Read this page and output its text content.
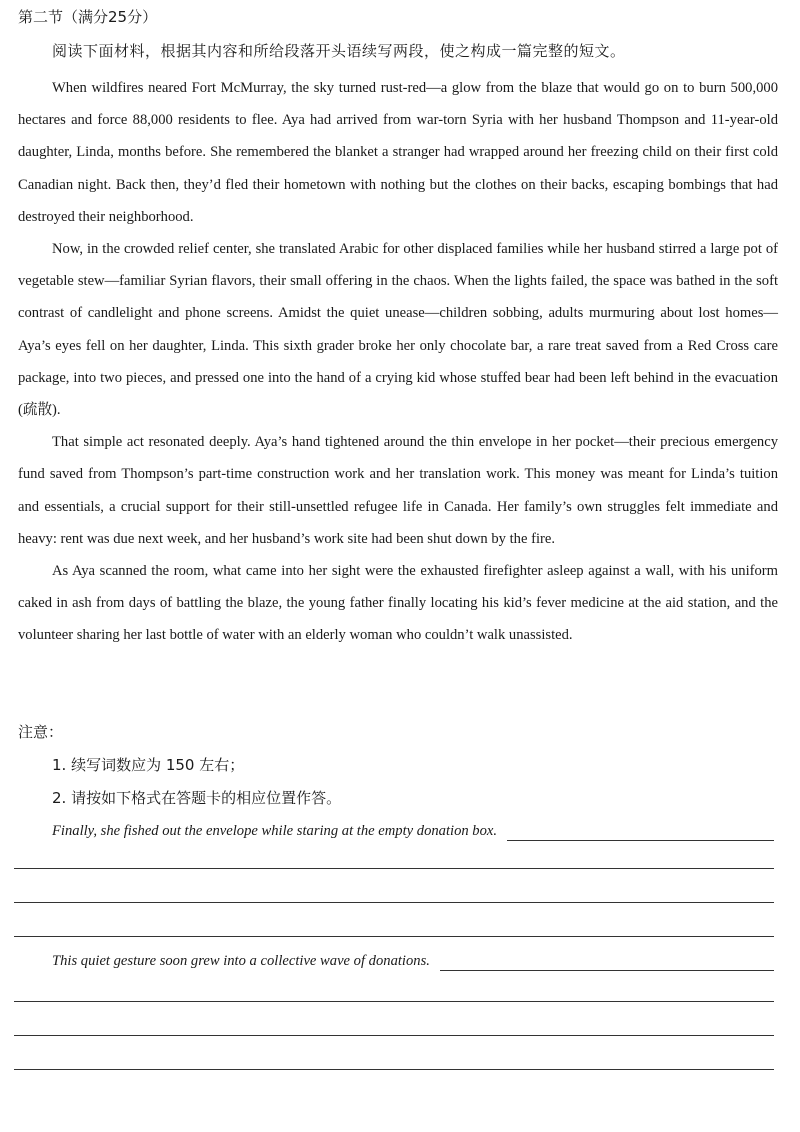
第二节（满分25分）
阅读下面材料，根据其内容和所给段落开头语续写两段，使之构成一篇完整的短文。

When wildfires neared Fort McMurray, the sky turned rust-red—a glow from the blaze that would go on to burn 500,000 hectares and force 88,000 residents to flee. Aya had arrived from war-torn Syria with her husband Thompson and 11-year-old daughter, Linda, months before. She remembered the blanket a stranger had wrapped around her freezing child on their first cold Canadian night. Back then, they’d fled their hometown with nothing but the clothes on their backs, escaping bombings that had destroyed their neighborhood.

Now, in the crowded relief center, she translated Arabic for other displaced families while her husband stirred a large pot of vegetable stew—familiar Syrian flavors, their small offering in the chaos. When the lights failed, the space was bathed in the soft contrast of candlelight and phone screens. Amidst the quiet unease—children sobbing, adults murmuring about lost homes—Aya’s eyes fell on her daughter, Linda. This sixth grader broke her only chocolate bar, a rare treat saved from a Red Cross care package, into two pieces, and pressed one into the hand of a crying kid whose stuffed bear had been left behind in the evacuation (疏散).

That simple act resonated deeply. Aya’s hand tightened around the thin envelope in her pocket—their precious emergency fund saved from Thompson’s part-time construction work and her translation work. This money was meant for Linda’s tuition and essentials, a crucial support for their still-unsettled refugee life in Canada. Her family’s own struggles felt immediate and heavy: rent was due next week, and her husband’s work site had been shut down by the fire.

As Aya scanned the room, what came into her sight were the exhausted firefighter asleep against a wall, with his uniform caked in ash from days of battling the blaze, the young father finally locating his kid’s fever medicine at the aid station, and the volunteer sharing her last bottle of water with an elderly woman who couldn’t walk unassisted.

注意：
1. 续写词数应为 150 左右；
2. 请按如下格式在答题卡的相应位置作答。
Finally, she fished out the envelope while staring at the empty donation box.
This quiet gesture soon grew into a collective wave of donations.
